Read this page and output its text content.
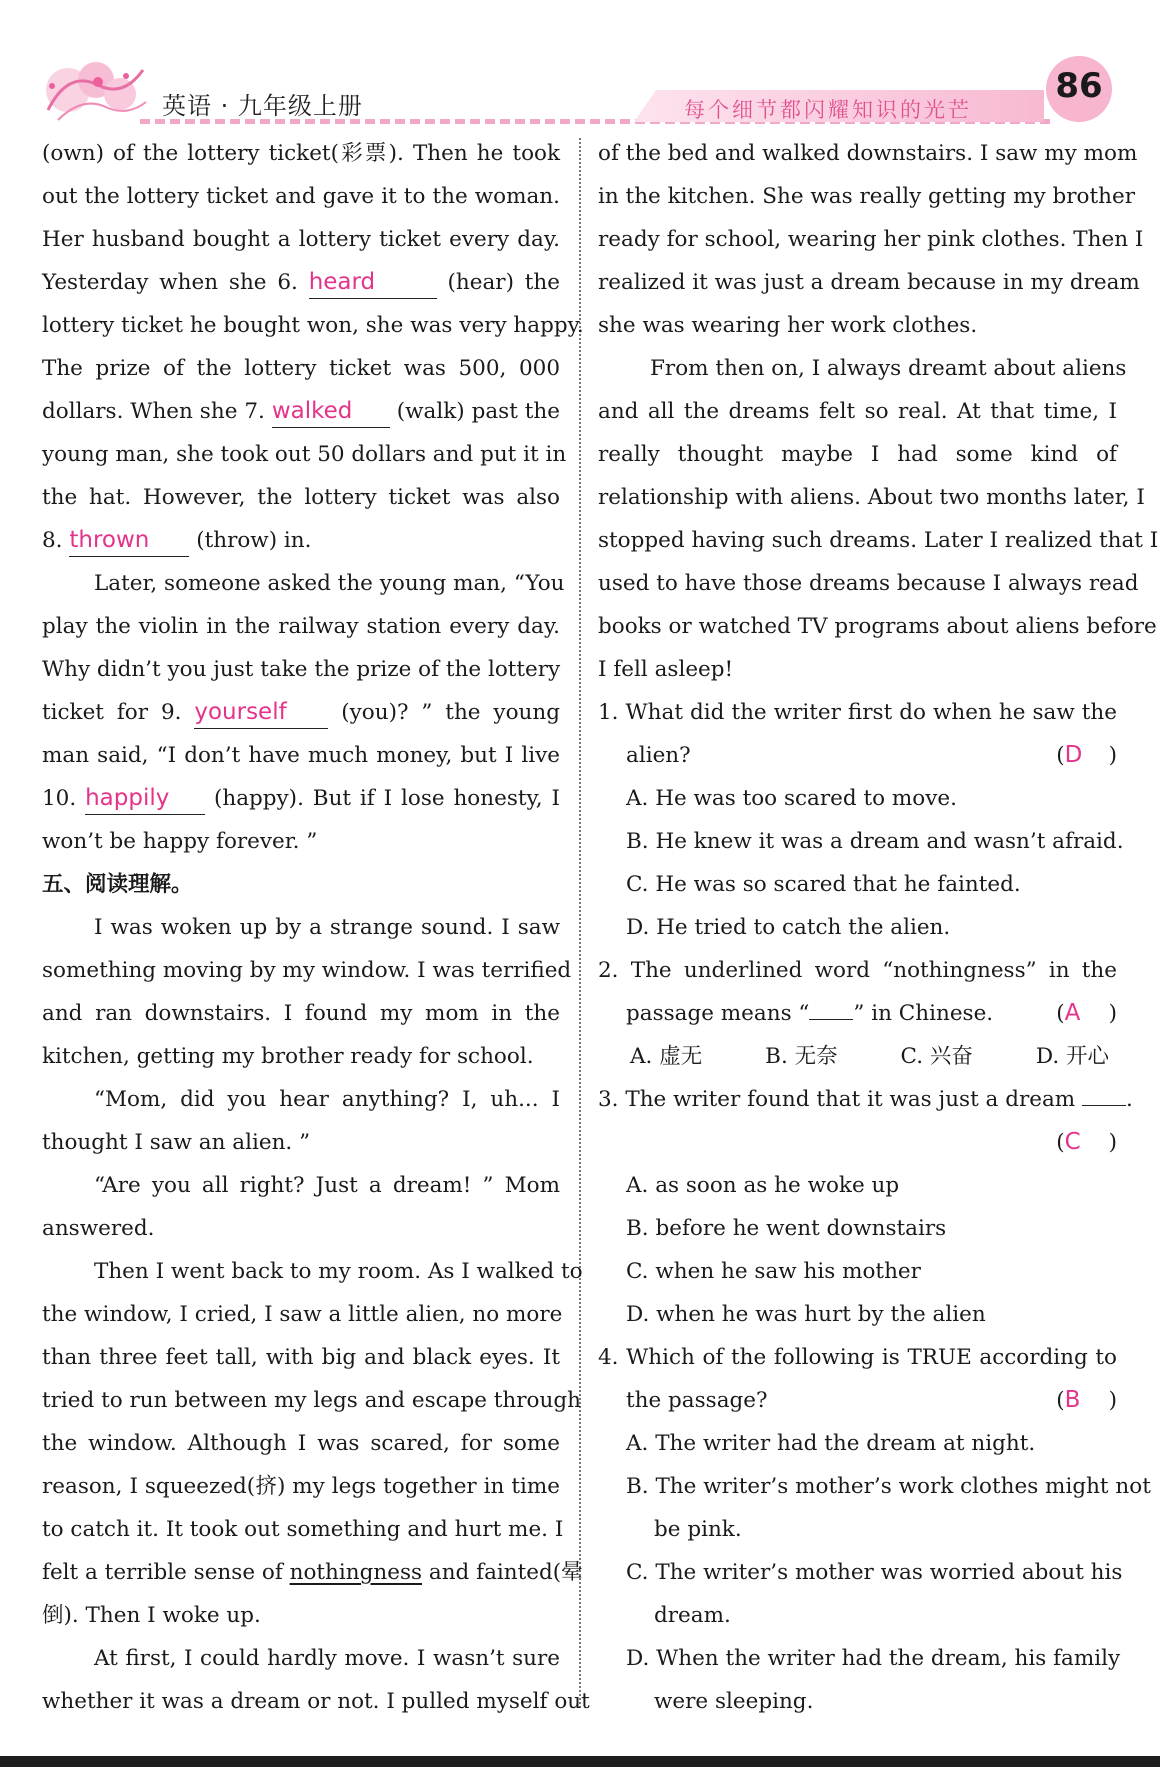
英语 · 九年级上册	每个细节都闪耀知识的光芒
86
(own) of the lottery ticket(彩票). Then he took
out the lottery ticket and gave it to the woman.
Her husband bought a lottery ticket every day.
Yesterday when she 6. heard	(hear) the
lottery ticket he bought won, she was very happy.
The prize of the lottery ticket was 500, 000
dollars. When she 7. walked (walk) past the
young man, she took out 50 dollars and put it in
the hat. However, the lottery ticket was also
8. thrown (throw) in.
Later, someone asked the young man, “You
play the violin in the railway station every day.
Why didn’t you just take the prize of the lottery
ticket for 9. yourself	(you)? ” the young
man said, “I don’t have much money, but I live
10. happily (happy). But if I lose honesty, I
won’t be happy forever. ”
五、阅读理解。
I was woken up by a strange sound. I saw
something moving by my window. I was terrified
and ran downstairs. I found my mom in the
kitchen, getting my brother ready for school.
“Mom, did you hear anything? I, uh... I
thought I saw an alien. ”
“Are you all right? Just a dream! ” Mom
answered.
Then I went back to my room. As I walked to
the window, I cried, I saw a little alien, no more
than three feet tall, with big and black eyes. It
tried to run between my legs and escape through
the window. Although I was scared, for some
reason, I squeezed(挤) my legs together in time
to catch it. It took out something and hurt me. I
felt a terrible sense of nothingness and fainted(晕
倒). Then I woke up.
At first, I could hardly move. I wasn’t sure
whether it was a dream or not. I pulled myself out
of the bed and walked downstairs. I saw my mom
in the kitchen. She was really getting my brother
ready for school, wearing her pink clothes. Then I
realized it was just a dream because in my dream
she was wearing her work clothes.
From then on, I always dreamt about aliens
and all the dreams felt so real. At that time, I
really thought maybe I had some kind of
relationship with aliens. About two months later, I
stopped having such dreams. Later I realized that I
used to have those dreams because I always read
books or watched TV programs about aliens before
I fell asleep!
1. What did the writer first do when he saw the
alien?	(D )
A. He was too scared to move.
B. He knew it was a dream and wasn’t afraid.
C. He was so scared that he fainted.
D. He tried to catch the alien.
2. The underlined word “nothingness” in the
passage means “ ” in Chinese.	(A )
A. 虚无	B. 无奈	C. 兴奋	D. 开心
3. The writer found that it was just a dream .
(C )
A. as soon as he woke up
B. before he went downstairs
C. when he saw his mother
D. when he was hurt by the alien
4. Which of the following is TRUE according to
the passage?	(B )
A. The writer had the dream at night.
B. The writer’s mother’s work clothes might not
be pink.
C. The writer’s mother was worried about his
dream.
D. When the writer had the dream, his family
were sleeping.
